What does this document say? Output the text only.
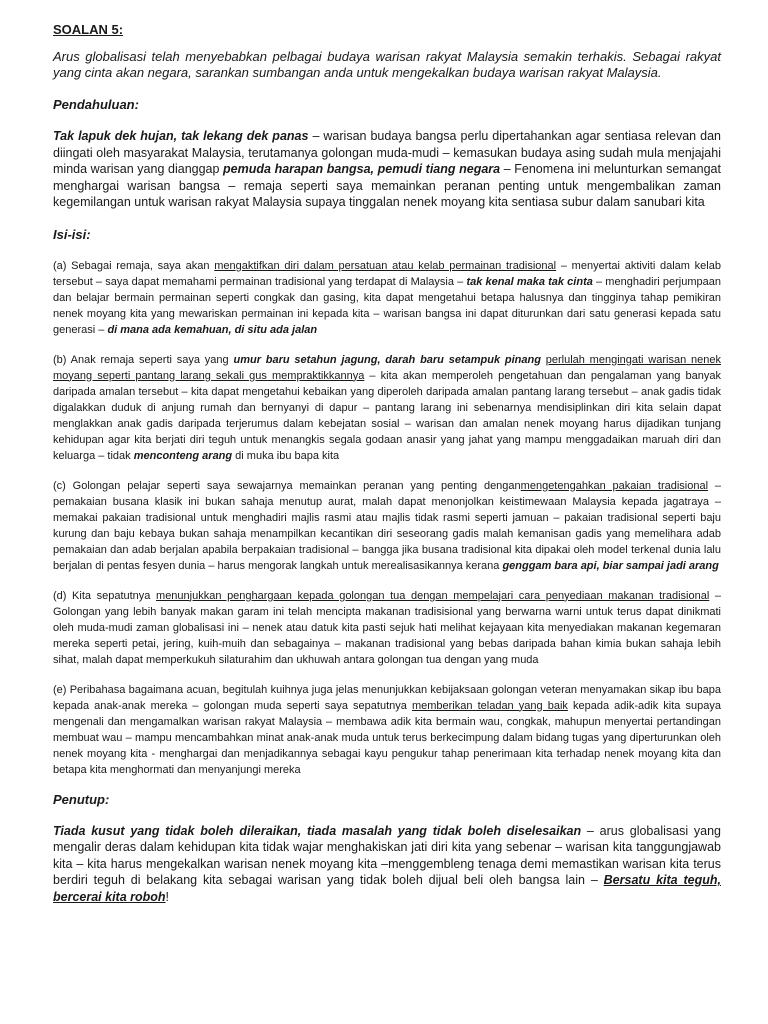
SOALAN 5:

Arus globalisasi telah menyebabkan pelbagai budaya warisan rakyat Malaysia semakin terhakis. Sebagai rakyat yang cinta akan negara, sarankan sumbangan anda untuk mengekalkan budaya warisan rakyat Malaysia.

Pendahuluan:

Tak lapuk dek hujan, tak lekang dek panas – warisan budaya bangsa perlu dipertahankan agar sentiasa relevan dan diingati oleh masyarakat Malaysia, terutamanya golongan muda-mudi – kemasukan budaya asing sudah mula menjajahi minda warisan yang dianggap pemuda harapan bangsa, pemudi tiang negara – Fenomena ini melunturkan semangat menghargai warisan bangsa – remaja seperti saya memainkan peranan penting untuk mengembalikan zaman kegemilangan untuk warisan rakyat Malaysia supaya tinggalan nenek moyang kita sentiasa subur dalam sanubari kita

Isi-isi:

(a) Sebagai remaja, saya akan mengaktifkan diri dalam persatuan atau kelab permainan tradisional – menyertai aktiviti dalam kelab tersebut – saya dapat memahami permainan tradisional yang terdapat di Malaysia – tak kenal maka tak cinta – menghadiri perjumpaan dan belajar bermain permainan seperti congkak dan gasing, kita dapat mengetahui betapa halusnya dan tingginya tahap pemikiran nenek moyang kita yang mewariskan permainan ini kepada kita – warisan bangsa ini dapat diturunkan dari satu generasi kepada satu generasi – di mana ada kemahuan, di situ ada jalan

(b) Anak remaja seperti saya yang umur baru setahun jagung, darah baru setampuk pinang perlulah mengingati warisan nenek moyang seperti pantang larang sekali gus mempraktikkannya – kita akan memperoleh pengetahuan dan pengalaman yang banyak daripada amalan tersebut – kita dapat mengetahui kebaikan yang diperoleh daripada amalan pantang larang tersebut – anak gadis tidak digalakkan duduk di anjung rumah dan bernyanyi di dapur – pantang larang ini sebenarnya mendisiplinkan diri kita selain dapat menglakkan anak gadis daripada terjerumus dalam kebejatan sosial – warisan dan amalan nenek moyang harus dijadikan tunjang kehidupan agar kita berjati diri teguh untuk menangkis segala godaan anasir yang jahat yang mampu menggadaikan maruah diri dan keluarga – tidak menconteng arang di muka ibu bapa kita

(c) Golongan pelajar seperti saya sewajarnya memainkan peranan yang penting denganmengetengahkan pakaian tradisional – pemakaian busana klasik ini bukan sahaja menutup aurat, malah dapat menonjolkan keistimewaan Malaysia kepada jagatraya – memakai pakaian tradisional untuk menghadiri majlis rasmi atau majlis tidak rasmi seperti jamuan – pakaian tradisional seperti baju kurung dan baju kebaya bukan sahaja menampilkan kecantikan diri seseorang gadis malah kemanisan gadis yang memelihara adab pemakaian dan adab berjalan apabila berpakaian tradisional – bangga jika busana tradisional kita dipakai oleh model terkenal dunia lalu berjalan di pentas fesyen dunia – harus mengorak langkah untuk merealisasikannya kerana genggam bara api, biar sampai jadi arang

(d) Kita sepatutnya menunjukkan penghargaan kepada golongan tua dengan mempelajari cara penyediaan makanan tradisional – Golongan yang lebih banyak makan garam ini telah mencipta makanan tradisisional yang berwarna warni untuk terus dapat dinikmati oleh muda-mudi zaman globalisasi ini – nenek atau datuk kita pasti sejuk hati melihat kejayaan kita menyediakan makanan kegemaran mereka seperti petai, jering, kuih-muih dan sebagainya – makanan tradisional yang bebas daripada bahan kimia bukan sahaja lebih sihat, malah dapat memperkukuh silaturahim dan ukhuwah antara golongan tua dengan yang muda

(e) Peribahasa bagaimana acuan, begitulah kuihnya juga jelas menunjukkan kebijaksaan golongan veteran menyamakan sikap ibu bapa kepada anak-anak mereka – golongan muda seperti saya sepatutnya memberikan teladan yang baik kepada adik-adik kita supaya mengenali dan mengamalkan warisan rakyat Malaysia – membawa adik kita bermain wau, congkak, mahupun menyertai pertandingan membuat wau – mampu mencambahkan minat anak-anak muda untuk terus berkecimpung dalam bidang tugas yang diperturunkan oleh nenek moyang kita - menghargai dan menjadikannya sebagai kayu pengukur tahap penerimaan kita terhadap nenek moyang kita dan betapa kita menghormati dan menyanjungi mereka

Penutup:

Tiada kusut yang tidak boleh dileraikan, tiada masalah yang tidak boleh diselesaikan – arus globalisasi yang mengalir deras dalam kehidupan kita tidak wajar menghakiskan jati diri kita yang sebenar – warisan kita tanggungjawab kita – kita harus mengekalkan warisan nenek moyang kita –menggembleng tenaga demi memastikan warisan kita terus berdiri teguh di belakang kita sebagai warisan yang tidak boleh dijual beli oleh bangsa lain – Bersatu kita teguh, bercerai kita roboh!
